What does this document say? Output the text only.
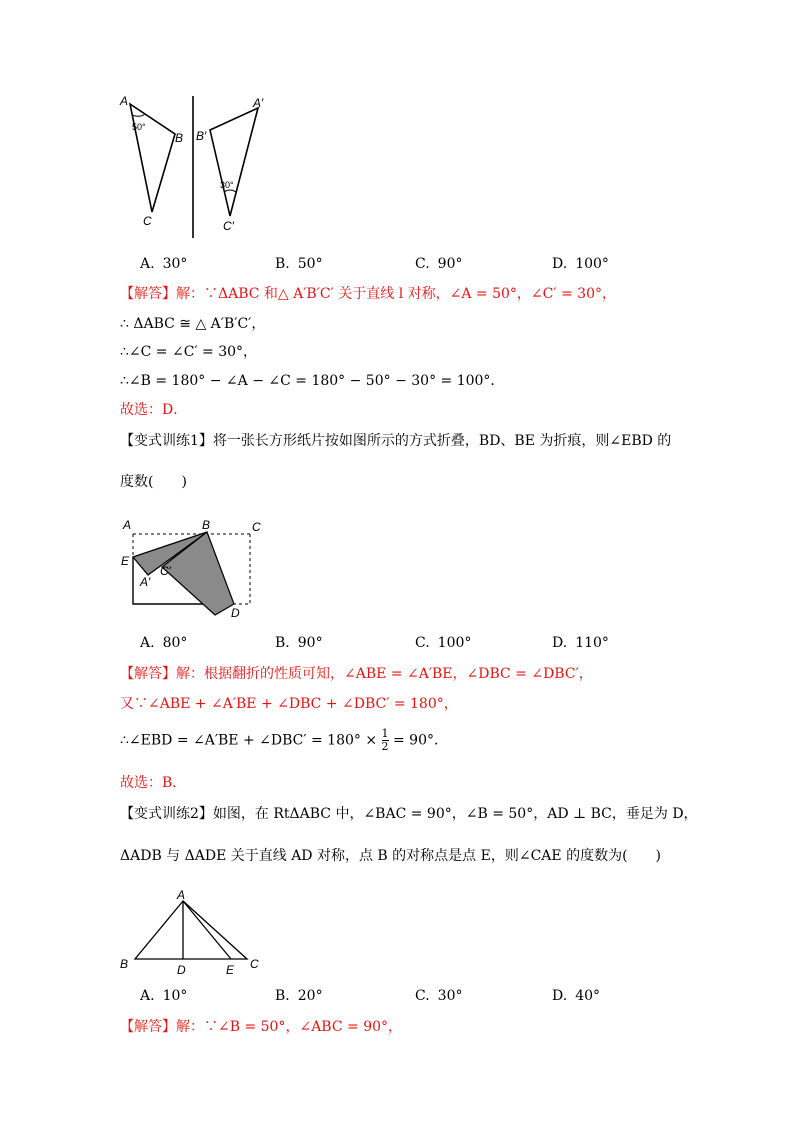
A
B
C
A′
B′
C′
50°
30°
A. 30°	B. 50°	C. 90°	D. 100°
【解答】解：∵ΔABC 和△ A′B′C′ 关于直线 l 对称，∠A = 50°，∠C′ = 30°，
∴ ΔABC ≅ △ A′B′C′，
∴∠C = ∠C′ = 30°，
∴∠B = 180° − ∠A − ∠C = 180° − 50° − 30° = 100°．
故选：D．
【变式训练1】将一张长方形纸片按如图所示的方式折叠，BD、BE 为折痕，则∠EBD 的
度数(　　)
A	B	C
E
A′
C′
D
A. 80°	B. 90°	C. 100°	D. 110°
【解答】解：根据翻折的性质可知，∠ABE = ∠A′BE，∠DBC = ∠DBC′，
又∵∠ABE + ∠A′BE + ∠DBC + ∠DBC′ = 180°，
∴∠EBD = ∠A′BE + ∠DBC′ = $180^\circ \times \frac{1}{2} = 90^\circ$．
故选：B．
【变式训练2】如图，在 RtΔABC 中，∠BAC = 90°，∠B = 50°，AD ⊥ BC，垂足为 D，
ΔADB 与 ΔADE 关于直线 AD 对称，点 B 的对称点是点 E，则∠CAE 的度数为(　　)
A
B	D	E C
A. 10°	B. 20°	C. 30°	D. 40°
【解答】解：∵∠B = 50°，∠ABC = 90°，
